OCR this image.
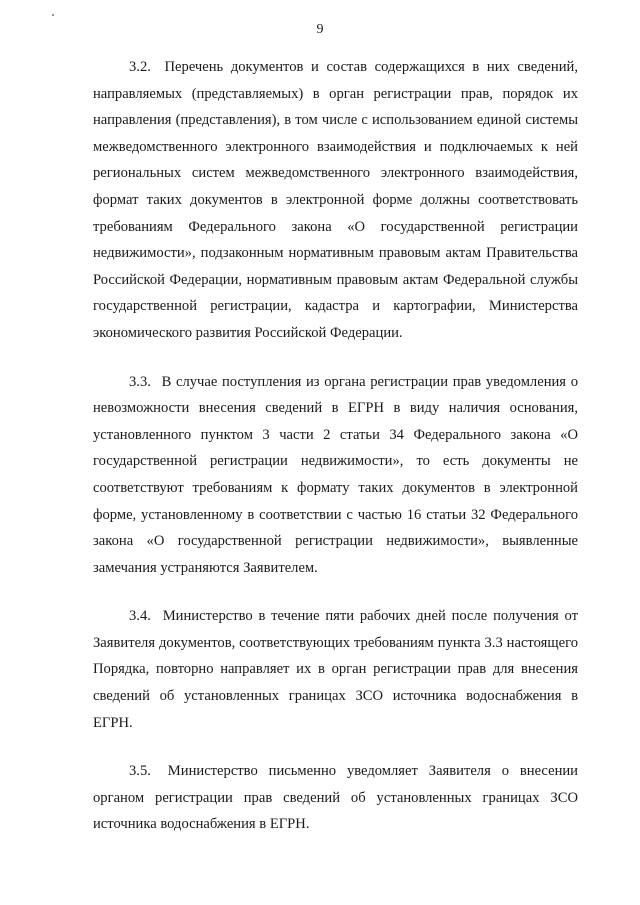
9

3.2. Перечень документов и состав содержащихся в них сведений, направляемых (представляемых) в орган регистрации прав, порядок их направления (представления), в том числе с использованием единой системы межведомственного электронного взаимодействия и подключаемых к ней региональных систем межведомственного электронного взаимодействия, формат таких документов в электронной форме должны соответствовать требованиям Федерального закона «О государственной регистрации недвижимости», подзаконным нормативным правовым актам Правительства Российской Федерации, нормативным правовым актам Федеральной службы государственной регистрации, кадастра и картографии, Министерства экономического развития Российской Федерации.

3.3. В случае поступления из органа регистрации прав уведомления о невозможности внесения сведений в ЕГРН в виду наличия основания, установленного пунктом 3 части 2 статьи 34 Федерального закона «О государственной регистрации недвижимости», то есть документы не соответствуют требованиям к формату таких документов в электронной форме, установленному в соответствии с частью 16 статьи 32 Федерального закона «О государственной регистрации недвижимости», выявленные замечания устраняются Заявителем.

3.4. Министерство в течение пяти рабочих дней после получения от Заявителя документов, соответствующих требованиям пункта 3.3 настоящего Порядка, повторно направляет их в орган регистрации прав для внесения сведений об установленных границах ЗСО источника водоснабжения в ЕГРН.

3.5. Министерство письменно уведомляет Заявителя о внесении органом регистрации прав сведений об установленных границах ЗСО источника водоснабжения в ЕГРН.
